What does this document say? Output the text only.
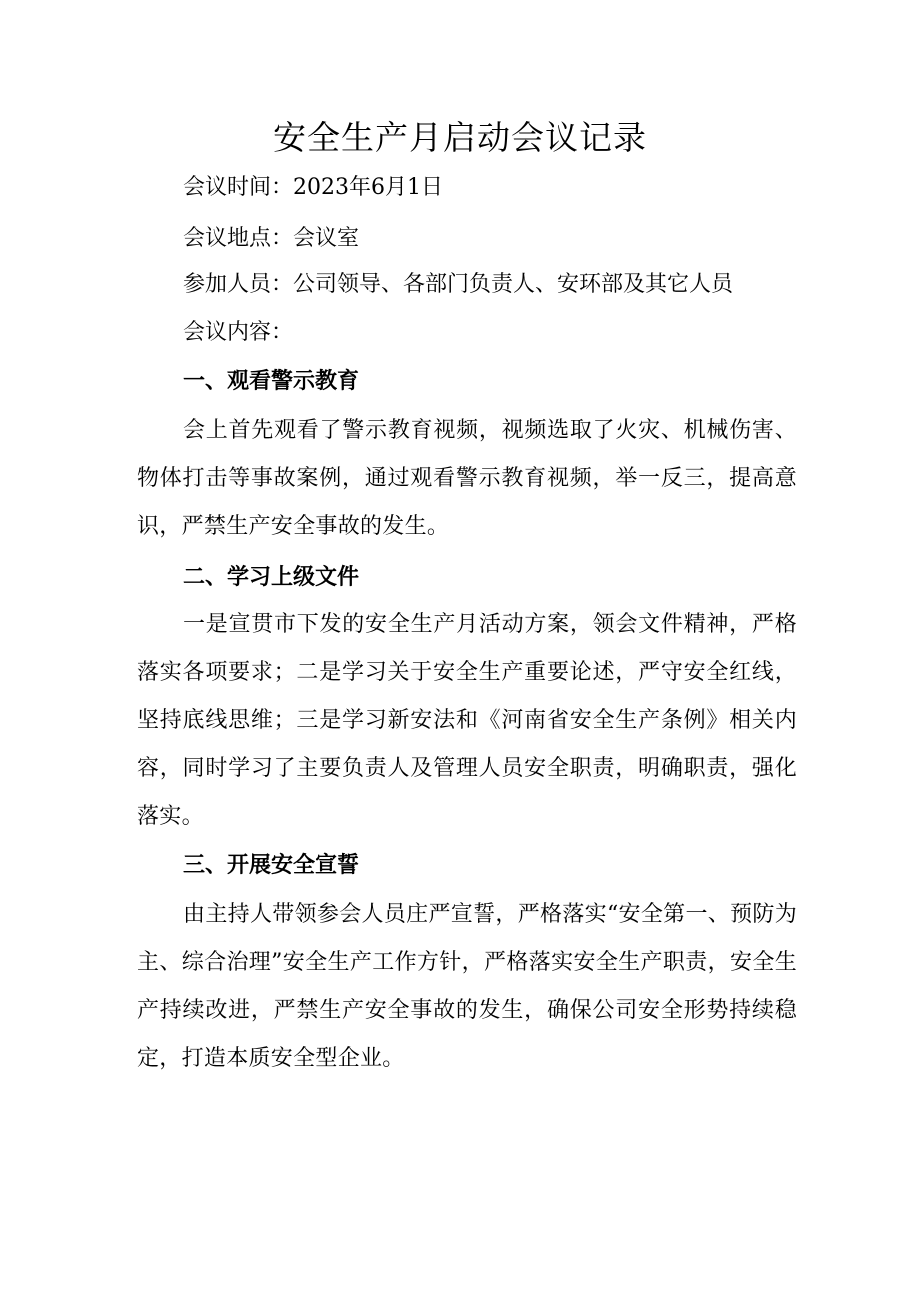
安全生产月启动会议记录
会议时间：2023年6月1日
会议地点：会议室
参加人员：公司领导、各部门负责人、安环部及其它人员
会议内容：
一、观看警示教育
会上首先观看了警示教育视频，视频选取了火灾、机械伤害、物体打击等事故案例，通过观看警示教育视频，举一反三，提高意识，严禁生产安全事故的发生。
二、学习上级文件
一是宣贯市下发的安全生产月活动方案，领会文件精神，严格落实各项要求；二是学习关于安全生产重要论述，严守安全红线，坚持底线思维；三是学习新安法和《河南省安全生产条例》相关内容，同时学习了主要负责人及管理人员安全职责，明确职责，强化落实。
三、开展安全宣誓
由主持人带领参会人员庄严宣誓，严格落实“安全第一、预防为主、综合治理”安全生产工作方针，严格落实安全生产职责，安全生产持续改进，严禁生产安全事故的发生，确保公司安全形势持续稳定，打造本质安全型企业。
